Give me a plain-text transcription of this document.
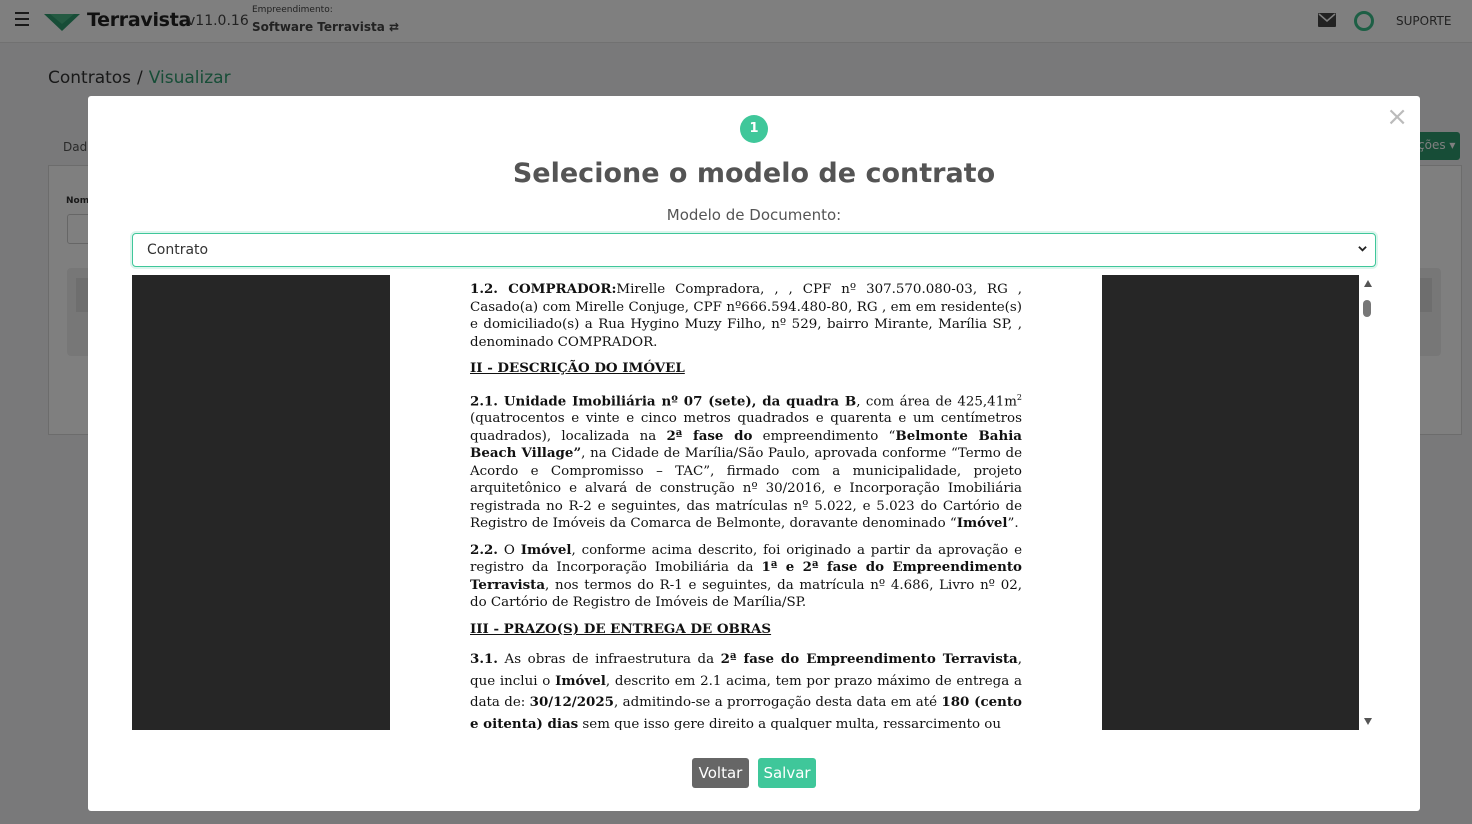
×
1
Selecione o modelo de contrato
Modelo de Documento:
Contrato

1.2. COMPRADOR:Mirelle Compradora, , , CPF nº 307.570.080-03, RG , Casado(a) com Mirelle Conjuge, CPF nº666.594.480-80, RG , em em residente(s) e domiciliado(s) a Rua Hygino Muzy Filho, nº 529, bairro Mirante, Marília SP, , denominado COMPRADOR.

II - DESCRIÇÃO DO IMÓVEL

2.1. Unidade Imobiliária nº 07 (sete), da quadra B, com área de $425,41m^2$ (quatrocentos e vinte e cinco metros quadrados e quarenta e um centímetros quadrados), localizada na 2ª fase do empreendimento “Belmonte Bahia Beach Village”, na Cidade de Marília/São Paulo, aprovada conforme “Termo de Acordo e Compromisso – TAC”, firmado com a municipalidade, projeto arquitetônico e alvará de construção nº 30/2016, e Incorporação Imobiliária registrada no R-2 e seguintes, das matrículas nº 5.022, e 5.023 do Cartório de Registro de Imóveis da Comarca de Belmonte, doravante denominado “Imóvel”.

2.2. O Imóvel, conforme acima descrito, foi originado a partir da aprovação e registro da Incorporação Imobiliária da 1ª e 2ª fase do Empreendimento Terravista, nos termos do R-1 e seguintes, da matrícula nº 4.686, Livro nº 02, do Cartório de Registro de Imóveis de Marília/SP.

III - PRAZO(S) DE ENTREGA DE OBRAS

3.1. As obras de infraestrutura da 2ª fase do Empreendimento Terravista, que inclui o Imóvel, descrito em 2.1 acima, tem por prazo máximo de entrega a data de: 30/12/2025, admitindo-se a prorrogação desta data em até 180 (cento e oitenta) dias sem que isso gere direito a qualquer multa, ressarcimento ou

Voltar	Salvar
